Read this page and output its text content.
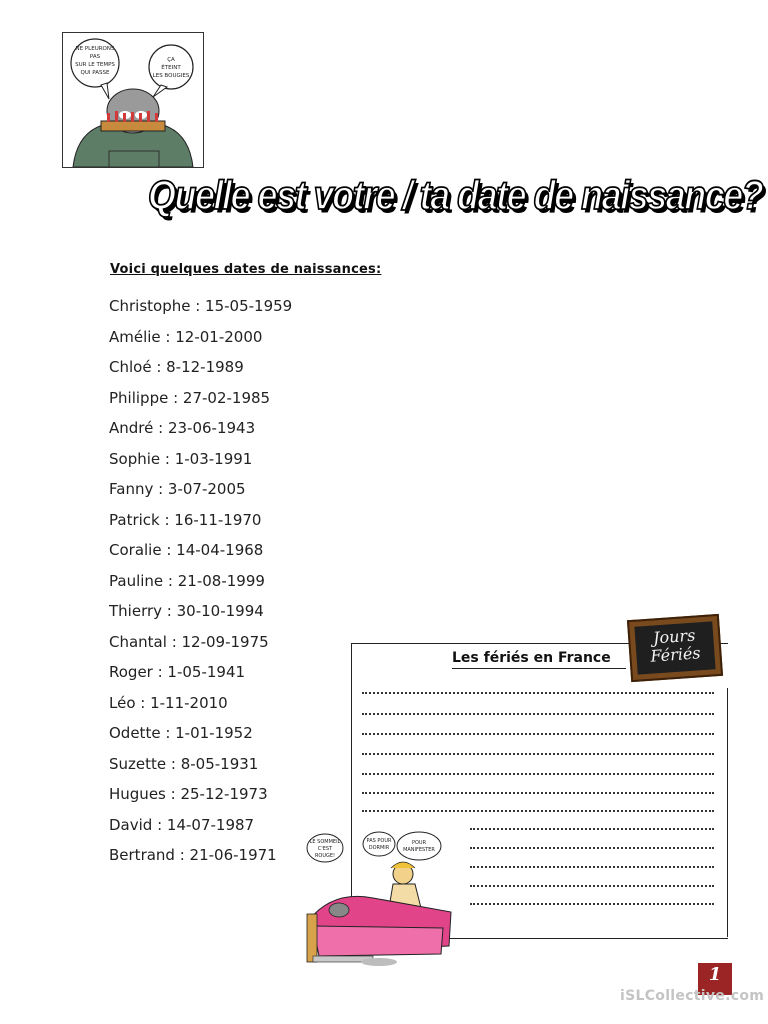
NE PLEURONS
PAS
SUR LE TEMPS
QUI PASSE
ÇA
ÉTEINT
LES BOUGIES
Quelle est votre / ta date de naissance?
Voici quelques dates de naissances:
Christophe : 15-05-1959
Amélie : 12-01-2000
Chloé : 8-12-1989
Philippe : 27-02-1985
André : 23-06-1943
Sophie : 1-03-1991
Fanny : 3-07-2005
Patrick : 16-11-1970
Coralie : 14-04-1968
Pauline : 21-08-1999
Thierry : 30-10-1994
Chantal : 12-09-1975
Roger : 1-05-1941
Léo : 1-11-2010
Odette : 1-01-1952
Suzette : 8-05-1931
Hugues : 25-12-1973
David : 14-07-1987
Bertrand : 21-06-1971
Les fériés en France
Jours
Fériés
LE SOMMEIL
C'EST
ROUGE!
PAS POUR
DORMIR
POUR
MANIFESTER
1
iSLCollective.com
